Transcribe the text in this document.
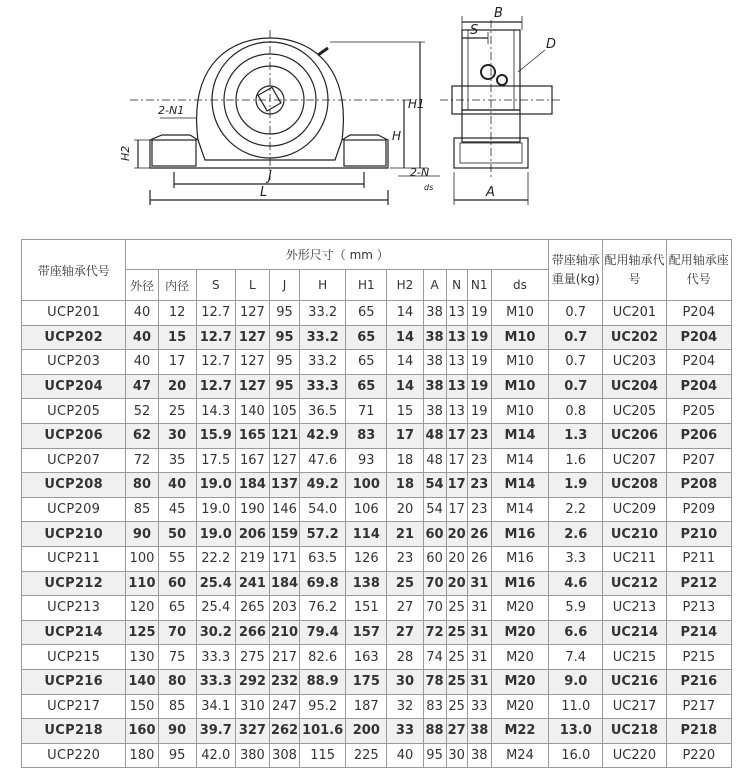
S
B
D
H1
H
H2
2-N1
2-N
J
L	A
ds
带座轴承代号	外形尺寸（ mm ）												带座轴承重量(kg)	配用轴承代号	配用轴承座代号
	外径	内径	S	L	J	H	H1	H2	A	N	N1	ds			
UCP201	40	12	12.7	127	95	33.2	65	14	38	13	19	M10	0.7	UC201	P204
UCP202	40	15	12.7	127	95	33.2	65	14	38	13	19	M10	0.7	UC202	P204
UCP203	40	17	12.7	127	95	33.2	65	14	38	13	19	M10	0.7	UC203	P204
UCP204	47	20	12.7	127	95	33.3	65	14	38	13	19	M10	0.7	UC204	P204
UCP205	52	25	14.3	140	105	36.5	71	15	38	13	19	M10	0.8	UC205	P205
UCP206	62	30	15.9	165	121	42.9	83	17	48	17	23	M14	1.3	UC206	P206
UCP207	72	35	17.5	167	127	47.6	93	18	48	17	23	M14	1.6	UC207	P207
UCP208	80	40	19.0	184	137	49.2	100	18	54	17	23	M14	1.9	UC208	P208
UCP209	85	45	19.0	190	146	54.0	106	20	54	17	23	M14	2.2	UC209	P209
UCP210	90	50	19.0	206	159	57.2	114	21	60	20	26	M16	2.6	UC210	P210
UCP211	100	55	22.2	219	171	63.5	126	23	60	20	26	M16	3.3	UC211	P211
UCP212	110	60	25.4	241	184	69.8	138	25	70	20	31	M16	4.6	UC212	P212
UCP213	120	65	25.4	265	203	76.2	151	27	70	25	31	M20	5.9	UC213	P213
UCP214	125	70	30.2	266	210	79.4	157	27	72	25	31	M20	6.6	UC214	P214
UCP215	130	75	33.3	275	217	82.6	163	28	74	25	31	M20	7.4	UC215	P215
UCP216	140	80	33.3	292	232	88.9	175	30	78	25	31	M20	9.0	UC216	P216
UCP217	150	85	34.1	310	247	95.2	187	32	83	25	33	M20	11.0	UC217	P217
UCP218	160	90	39.7	327	262	101.6	200	33	88	27	38	M22	13.0	UC218	P218
UCP220	180	95	42.0	380	308	115	225	40	95	30	38	M24	16.0	UC220	P220
